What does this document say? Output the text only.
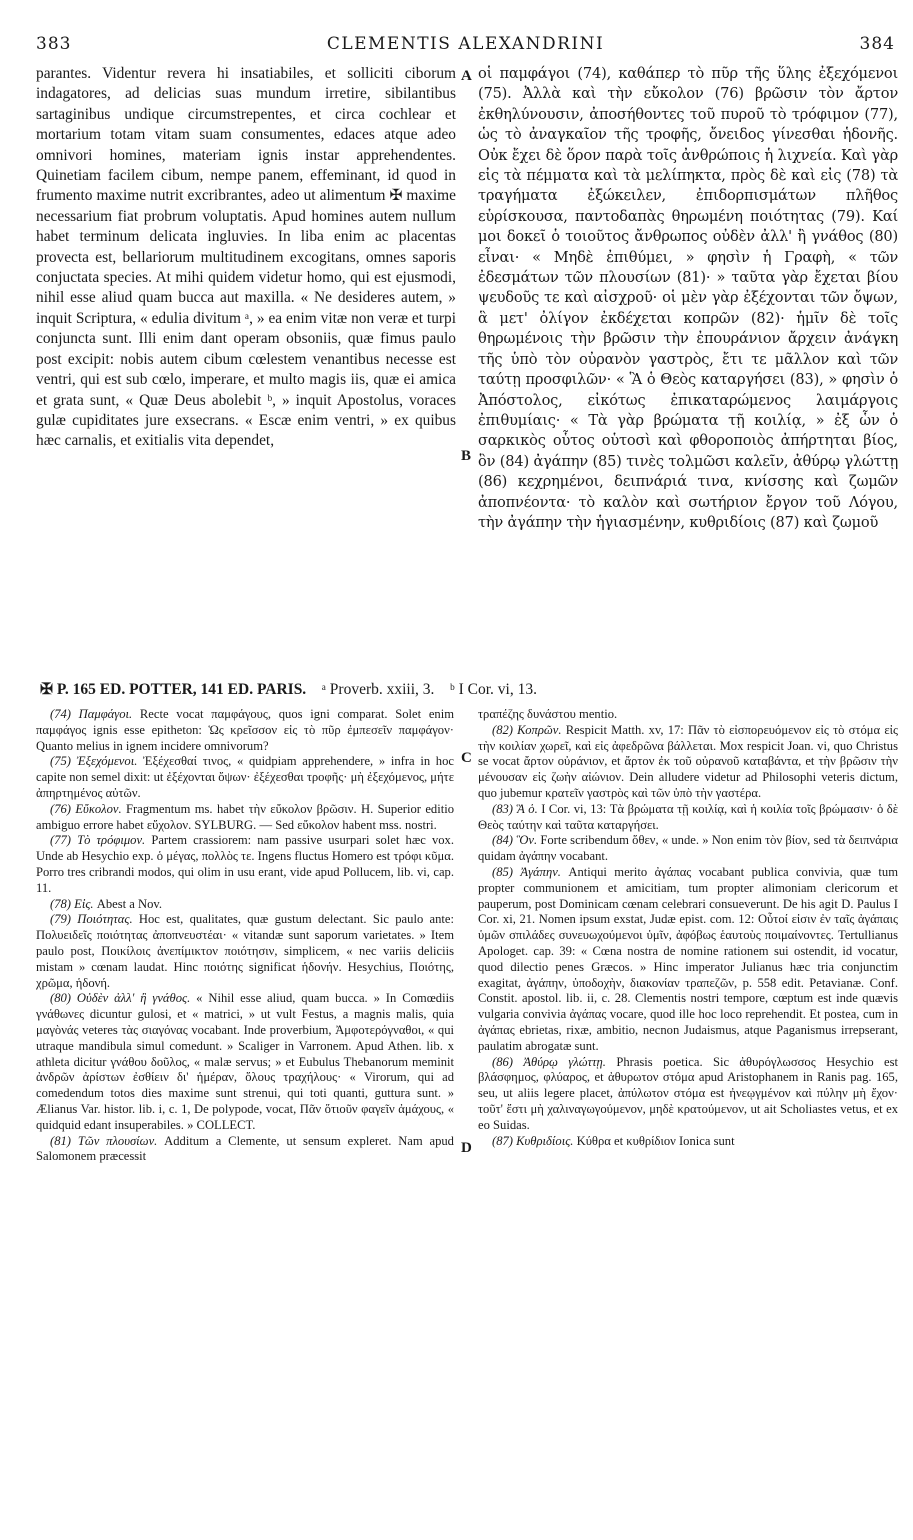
383	CLEMENTIS ALEXANDRINI	384

parantes. Videntur revera hi insatiabiles, et sollicitі ciborum indagatores, ad delicias suas mundum irretire, sibilantibus sartaginibus undique circumstrepentes, et circa cochlear et mortarium totam vitam suam consumentes, edaces atque adeo omnivori homines, materiam ignis instar apprehendentes. Quinetiam facilem cibum, nempe panem, effeminant, id quod in frumento maxime nutrit excribrantes, adeo ut alimentum ✠ maxime necessarium fiat probrum voluptatis. Apud homines autem nullum habet terminum delicata ingluvies. In liba enim ac placentas provecta est, bellariorum multitudinem excogitans, omnes saporis conjuctata species. At mihi quidem videtur homo, qui est ejusmodi, nihil esse aliud quam bucca aut maxilla. « Ne desideres autem, » inquit Scriptura, « edulia divitum ᵃ, » ea enim vitæ non veræ et turpi conjuncta sunt. Illi enim dant operam obsoniis, quæ fimus paulo post excipit: nobis autem cibum cœlestem venantibus necesse est ventri, qui est sub cœlo, imperare, et multo magis iis, quæ ei amica et grata sunt, « Quæ Deus abolebit ᵇ, » inquit Apostolus, voraces gulæ cupiditates jure exsecrans. « Escæ enim ventri, » ex quibus hæc carnalis, et exitialis vita dependet,

A
B
C
D

οἱ παμφάγοι (74), καθάπερ τὸ πῦρ τῆς ὕλης ἐξεχόμενοι (75). Ἀλλὰ καὶ τὴν εὔκολον (76) βρῶσιν τὸν ἄρτον ἐκθηλύνουσιν, ἀποσήθοντες τοῦ πυροῦ τὸ τρόφιμον (77), ὡς τὸ ἀναγκαῖον τῆς τροφῆς, ὄνειδος γίνεσθαι ἡδονῆς. Οὐκ ἔχει δὲ ὅρον παρὰ τοῖς ἀνθρώποις ἡ λιχνεία. Καὶ γὰρ εἰς τὰ πέμματα καὶ τὰ μελίπηκτα, πρὸς δὲ καὶ εἰς (78) τὰ τραγήματα ἐξώκειλεν, ἐπιδορπισμάτων πλῆθος εὑρίσκουσα, παντοδαπὰς θηρωμένη ποιότητας (79). Καί μοι δοκεῖ ὁ τοιοῦτος ἄνθρωπος οὐδὲν ἀλλ' ἢ γνάθος (80) εἶναι· « Μηδὲ ἐπιθύμει, » φησὶν ἡ Γραφὴ, « τῶν ἐδεσμάτων τῶν πλουσίων (81)· » ταῦτα γὰρ ἔχεται βίου ψευδοῦς τε καὶ αἰσχροῦ· οἱ μὲν γὰρ ἐξέχονται τῶν ὄψων, ἃ μετ' ὀλίγον ἐκδέχεται κοπρῶν (82)· ἡμῖν δὲ τοῖς θηρωμένοις τὴν βρῶσιν τὴν ἐπουράνιον ἄρχειν ἀνάγκη τῆς ὑπὸ τὸν οὐρανὸν γαστρὸς, ἔτι τε μᾶλλον καὶ τῶν ταύτῃ προσφιλῶν· « Ἃ ὁ Θεὸς καταργήσει (83), » φησὶν ὁ Ἀπόστολος, εἰκότως ἐπικαταρώμενος λαιμάργοις ἐπιθυμίαις· « Τὰ γὰρ βρώματα τῇ κοιλίᾳ, » ἐξ ὧν ὁ σαρκικὸς οὗτος οὑτοσὶ καὶ φθοροποιὸς ἀπήρτηται βίος, ὃν (84) ἀγάπην (85) τινὲς τολμῶσι καλεῖν, ἀθύρῳ γλώττῃ (86) κεχρημένοι, δειπνάριά τινα, κνίσσης καὶ ζωμῶν ἀποπνέοντα· τὸ καλὸν καὶ σωτήριον ἔργον τοῦ Λόγου, τὴν ἀγάπην τὴν ἡγιασμένην, κυθριδίοις (87) καὶ ζωμοῦ

✠ P. 165 ED. POTTER, 141 ED. PARIS. ᵃ Proverb. xxiii, 3. ᵇ I Cor. vi, 13.

(74) Παμφάγοι. Recte vocat παμφάγους, quos igni comparat. Solet enim παμφάγος ignis esse epitheton: Ὡς κρεῖσσον εἰς τὸ πῦρ ἐμπεσεῖν παμφάγον· Quanto melius in ignem incidere omnivorum?

(75) Ἐξεχόμενοι. Ἐξέχεσθαί τινος, « quidpiam apprehendere, » infra in hoc capite non semel dixit: ut ἐξέχονται ὄψων· ἐξέχεσθαι τροφῆς· μὴ ἐξεχόμενος, μήτε ἀπηρτημένος αὐτῶν.

(76) Εὔκολον. Fragmentum ms. habet τὴν εὔκολον βρῶσιν. H. Superior editio ambiguo errore habet εὔχολον. SYLBURG. — Sed εὔκολον habent mss. nostri.

(77) Τὸ τρόφιμον. Partem crassiorem: nam passive usurpari solet hæc vox. Unde ab Hesychio exp. ὁ μέγας, πολλὸς τε. Ingens fluctus Homero est τρόφι κῦμα. Porro tres cribrandi modos, qui olim in usu erant, vide apud Pollucem, lib. vi, cap. 11.

(78) Εἰς. Abest a Nov.

(79) Ποιότητας. Hoc est, qualitates, quæ gustum delectant. Sic paulo ante: Πολυειδεῖς ποιότητας ἀποπνευστέαι· « vitandæ sunt saporum varietates. » Item paulo post, Ποικίλοις ἀνεπίμικτον ποιότησιν, simplicem, « nec variis deliciis mistam » cœnam laudat. Hinc ποιότης significat ἡδονήν. Hesychius, Ποιότης, χρῶμα, ἡδονή.

(80) Οὐδὲν ἀλλ' ἢ γνάθος. « Nihil esse aliud, quam bucca. » In Comœdiis γνάθωνες dicuntur gulosi, et « matrici, » ut vult Festus, a magnis malis, quia μαγὸνάς veteres τὰς σιαγόνας vocabant. Inde proverbium, Ἀμφοτερόγναθοι, « qui utraque mandibula simul comedunt. » Scaliger in Varronem. Apud Athen. lib. x athleta dicitur γνάθου δοῦλος, « malæ servus; » et Eubulus Thebanorum meminit ἀνδρῶν ἀρίστων ἐσθίειν δι' ἡμέραν, ὅλους τραχήλους· « Virorum, qui ad comedendum totos dies maxime sunt strenui, qui toti quanti, guttura sunt. » Ælianus Var. histor. lib. i, c. 1, De polypode, vocat, Πᾶν ὅτιοῦν φαγεῖν ἀμάχους, « quidquid edant insuperabiles. » COLLECT.

(81) Τῶν πλουσίων. Additum a Clemente, ut sensum expleret. Nam apud Salomonem præcessit

τραπέζης δυνάστου mentio.

(82) Κοπρῶν. Respicit Matth. xv, 17: Πᾶν τὸ εἰσπορευόμενον εἰς τὸ στόμα εἰς τὴν κοιλίαν χωρεῖ, καὶ εἰς ἀφεδρῶνα βάλλεται. Mox respicit Joan. vi, quo Christus se vocat ἄρτον οὐράνιον, et ἄρτον ἐκ τοῦ οὐρανοῦ καταβάντα, et τὴν βρῶσιν τὴν μένουσαν εἰς ζωὴν αἰώνιον. Dein alludere videtur ad Philosophi veteris dictum, quo jubemur κρατεῖν γαστρὸς καὶ τῶν ὑπὸ τὴν γαστέρα.

(83) Ἃ ὁ. I Cor. vi, 13: Τὰ βρώματα τῇ κοιλίᾳ, καὶ ἡ κοιλία τοῖς βρώμασιν· ὁ δὲ Θεὸς ταύτην καὶ ταῦτα καταργήσει.

(84) Ὃν. Forte scribendum ὅθεν, « unde. » Non enim τὸν βίον, sed τὰ δειπνάρια quidam ἀγάπην vocabant.

(85) Ἀγάπην. Antiqui merito ἀγάπας vocabant publica convivia, quæ tum propter communionem et amicitiam, tum propter alimoniam clericorum et pauperum, post Dominicam cœnam celebrari consueverunt. De his agit D. Paulus I Cor. xi, 21. Nomen ipsum exstat, Judæ epist. com. 12: Οὗτοί εἰσιν ἐν ταῖς ἀγάπαις ὑμῶν σπιλάδες συνευωχούμενοι ὑμῖν, ἀφόβως ἑαυτοὺς ποιμαίνοντες. Tertullianus Apologet. cap. 39: « Cœna nostra de nomine rationem sui ostendit, id vocatur, quod dilectio penes Græcos. » Hinc imperator Julianus hæc tria conjunctim exagitat, ἀγάπην, ὑποδοχὴν, διακονίαν τραπεζῶν, p. 558 edit. Petavianæ. Conf. Constit. apostol. lib. ii, c. 28. Clementis nostri tempore, cœptum est inde quævis vulgaria convivia ἀγάπας vocare, quod ille hoc loco reprehendit. Et postea, cum in ἀγάπας ebrietas, rixæ, ambitio, necnon Judaismus, atque Paganismus irrepserant, paulatim abrogatæ sunt.

(86) Ἀθύρῳ γλώττῃ. Phrasis poetica. Sic ἀθυρόγλωσσος Hesychio est βλάσφημος, φλύαρος, et ἀθυρωτον στόμα apud Aristophanem in Ranis pag. 165, seu, ut aliis legere placet, ἀπύλωτον στόμα est ἠνεῳγμένον καὶ πύλην μὴ ἔχον· τοῦτ' ἔστι μὴ χαλιναγωγούμενον, μηδὲ κρατούμενον, ut ait Scholiastes vetus, et ex eo Suidas.

(87) Κυθριδίοις. Κύθρα et κυθρίδιον Ionica sunt
